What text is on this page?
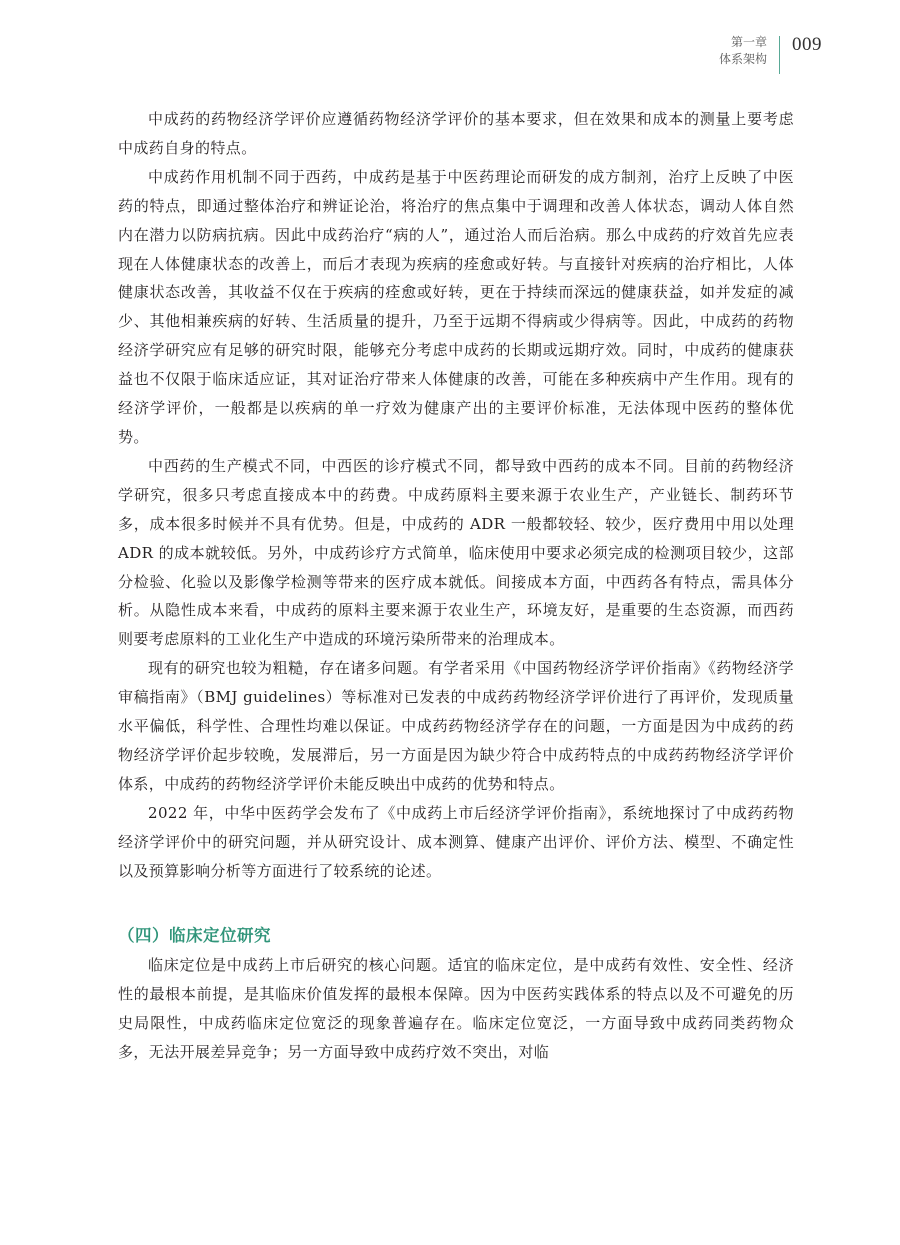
第一章
体系架构
009

中成药的药物经济学评价应遵循药物经济学评价的基本要求，但在效果和成本的测量上要考虑中成药自身的特点。

中成药作用机制不同于西药，中成药是基于中医药理论而研发的成方制剂，治疗上反映了中医药的特点，即通过整体治疗和辨证论治，将治疗的焦点集中于调理和改善人体状态，调动人体自然内在潜力以防病抗病。因此中成药治疗“病的人”，通过治人而后治病。那么中成药的疗效首先应表现在人体健康状态的改善上，而后才表现为疾病的痊愈或好转。与直接针对疾病的治疗相比，人体健康状态改善，其收益不仅在于疾病的痊愈或好转，更在于持续而深远的健康获益，如并发症的减少、其他相兼疾病的好转、生活质量的提升，乃至于远期不得病或少得病等。因此，中成药的药物经济学研究应有足够的研究时限，能够充分考虑中成药的长期或远期疗效。同时，中成药的健康获益也不仅限于临床适应证，其对证治疗带来人体健康的改善，可能在多种疾病中产生作用。现有的经济学评价，一般都是以疾病的单一疗效为健康产出的主要评价标准，无法体现中医药的整体优势。

中西药的生产模式不同，中西医的诊疗模式不同，都导致中西药的成本不同。目前的药物经济学研究，很多只考虑直接成本中的药费。中成药原料主要来源于农业生产，产业链长、制药环节多，成本很多时候并不具有优势。但是，中成药的 ADR 一般都较轻、较少，医疗费用中用以处理 ADR 的成本就较低。另外，中成药诊疗方式简单，临床使用中要求必须完成的检测项目较少，这部分检验、化验以及影像学检测等带来的医疗成本就低。间接成本方面，中西药各有特点，需具体分析。从隐性成本来看，中成药的原料主要来源于农业生产，环境友好，是重要的生态资源，而西药则要考虑原料的工业化生产中造成的环境污染所带来的治理成本。

现有的研究也较为粗糙，存在诸多问题。有学者采用《中国药物经济学评价指南》《药物经济学审稿指南》（BMJ guidelines）等标准对已发表的中成药药物经济学评价进行了再评价，发现质量水平偏低，科学性、合理性均难以保证。中成药药物经济学存在的问题，一方面是因为中成药的药物经济学评价起步较晚，发展滞后，另一方面是因为缺少符合中成药特点的中成药药物经济学评价体系，中成药的药物经济学评价未能反映出中成药的优势和特点。

2022 年，中华中医药学会发布了《中成药上市后经济学评价指南》，系统地探讨了中成药药物经济学评价中的研究问题，并从研究设计、成本测算、健康产出评价、评价方法、模型、不确定性以及预算影响分析等方面进行了较系统的论述。

（四）临床定位研究

临床定位是中成药上市后研究的核心问题。适宜的临床定位，是中成药有效性、安全性、经济性的最根本前提，是其临床价值发挥的最根本保障。因为中医药实践体系的特点以及不可避免的历史局限性，中成药临床定位宽泛的现象普遍存在。临床定位宽泛，一方面导致中成药同类药物众多，无法开展差异竞争；另一方面导致中成药疗效不突出，对临
